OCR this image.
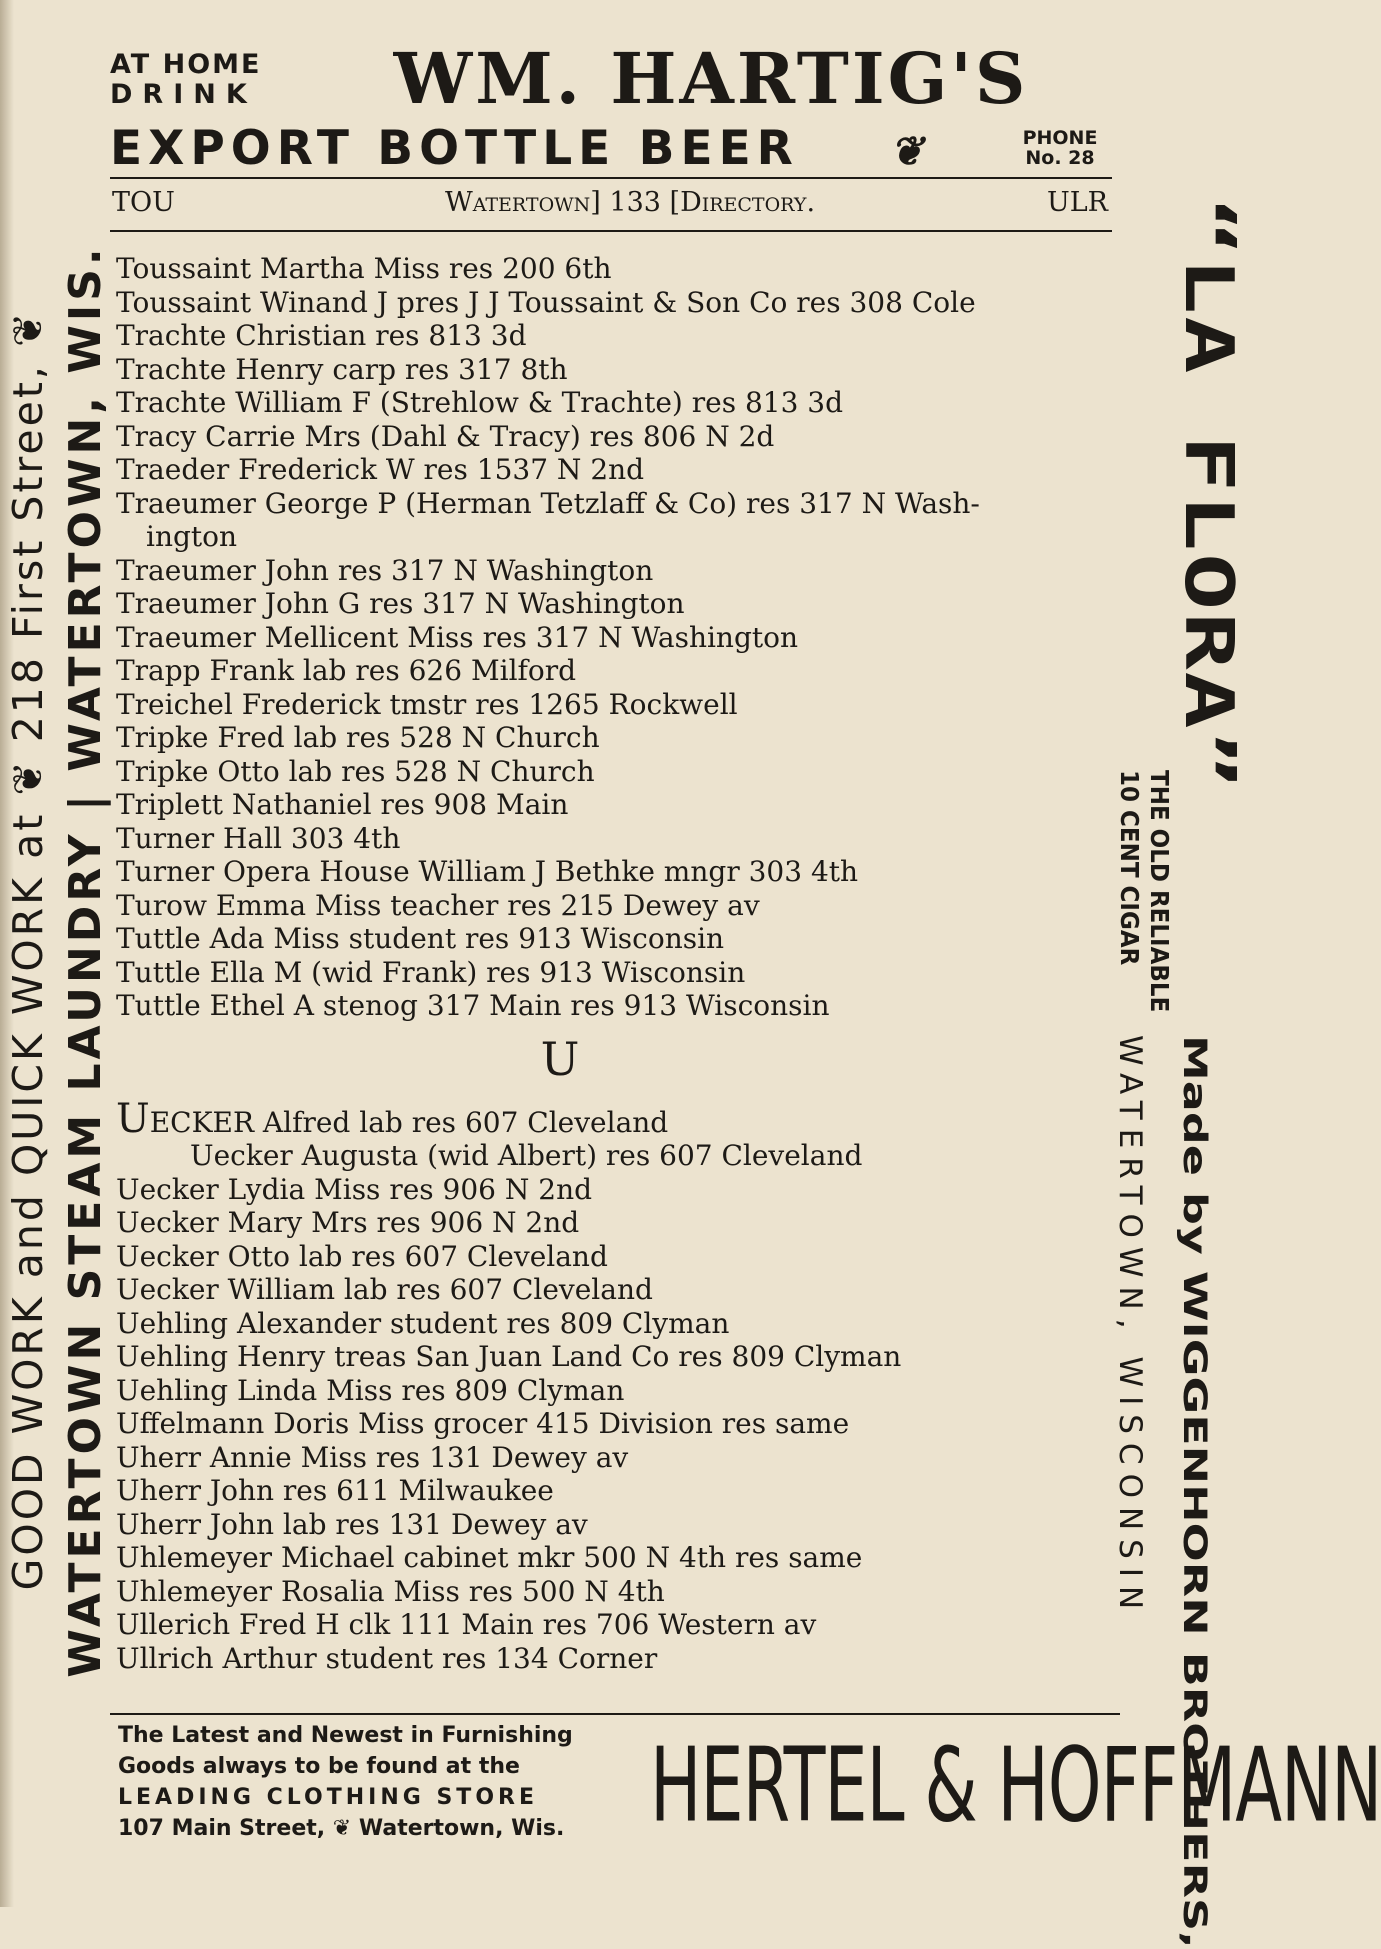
AT HOME
DRINK	WM. HARTIG'S
EXPORT BOTTLE BEER ❦	PHONE
No. 28
TOU	Watertown] 133 [Directory.	ULR
Toussaint Martha Miss res 200 6th
Toussaint Winand J pres J J Toussaint & Son Co res 308 Cole
Trachte Christian res 813 3d
Trachte Henry carp res 317 8th
Trachte William F (Strehlow & Trachte) res 813 3d
Tracy Carrie Mrs (Dahl & Tracy) res 806 N 2d
Traeder Frederick W res 1537 N 2nd
Traeumer George P (Herman Tetzlaff & Co) res 317 N Wash-
ington
Traeumer John res 317 N Washington
Traeumer John G res 317 N Washington
Traeumer Mellicent Miss res 317 N Washington
Trapp Frank lab res 626 Milford
Treichel Frederick tmstr res 1265 Rockwell
Tripke Fred lab res 528 N Church
Tripke Otto lab res 528 N Church
Triplett Nathaniel res 908 Main
Turner Hall 303 4th
Turner Opera House William J Bethke mngr 303 4th
Turow Emma Miss teacher res 215 Dewey av
Tuttle Ada Miss student res 913 Wisconsin
Tuttle Ella M (wid Frank) res 913 Wisconsin
Tuttle Ethel A stenog 317 Main res 913 Wisconsin
U
UECKER Alfred lab res 607 Cleveland
Uecker Augusta (wid Albert) res 607 Cleveland
Uecker Lydia Miss res 906 N 2nd
Uecker Mary Mrs res 906 N 2nd
Uecker Otto lab res 607 Cleveland
Uecker William lab res 607 Cleveland
Uehling Alexander student res 809 Clyman
Uehling Henry treas San Juan Land Co res 809 Clyman
Uehling Linda Miss res 809 Clyman
Uffelmann Doris Miss grocer 415 Division res same
Uherr Annie Miss res 131 Dewey av
Uherr John res 611 Milwaukee
Uherr John lab res 131 Dewey av
Uhlemeyer Michael cabinet mkr 500 N 4th res same
Uhlemeyer Rosalia Miss res 500 N 4th
Ullerich Fred H clk 111 Main res 706 Western av
Ullrich Arthur student res 134 Corner
GOOD WORK and QUICK WORK at ❦ 218 First Street, ❦ WATERTOWN STEAM LAUNDRY | WATERTOWN, WIS.	“LA FLORA”
THE OLD RELIABLE
10 CENT CIGAR
Made by WIGGENHORN BROTHERS,
WATERTOWN, WISCONSIN
The Latest and Newest in Furnishing
Goods always to be found at the
LEADING CLOTHING STORE
107 Main Street, ❦ Watertown, Wis.	HERTEL & HOFFMANN
